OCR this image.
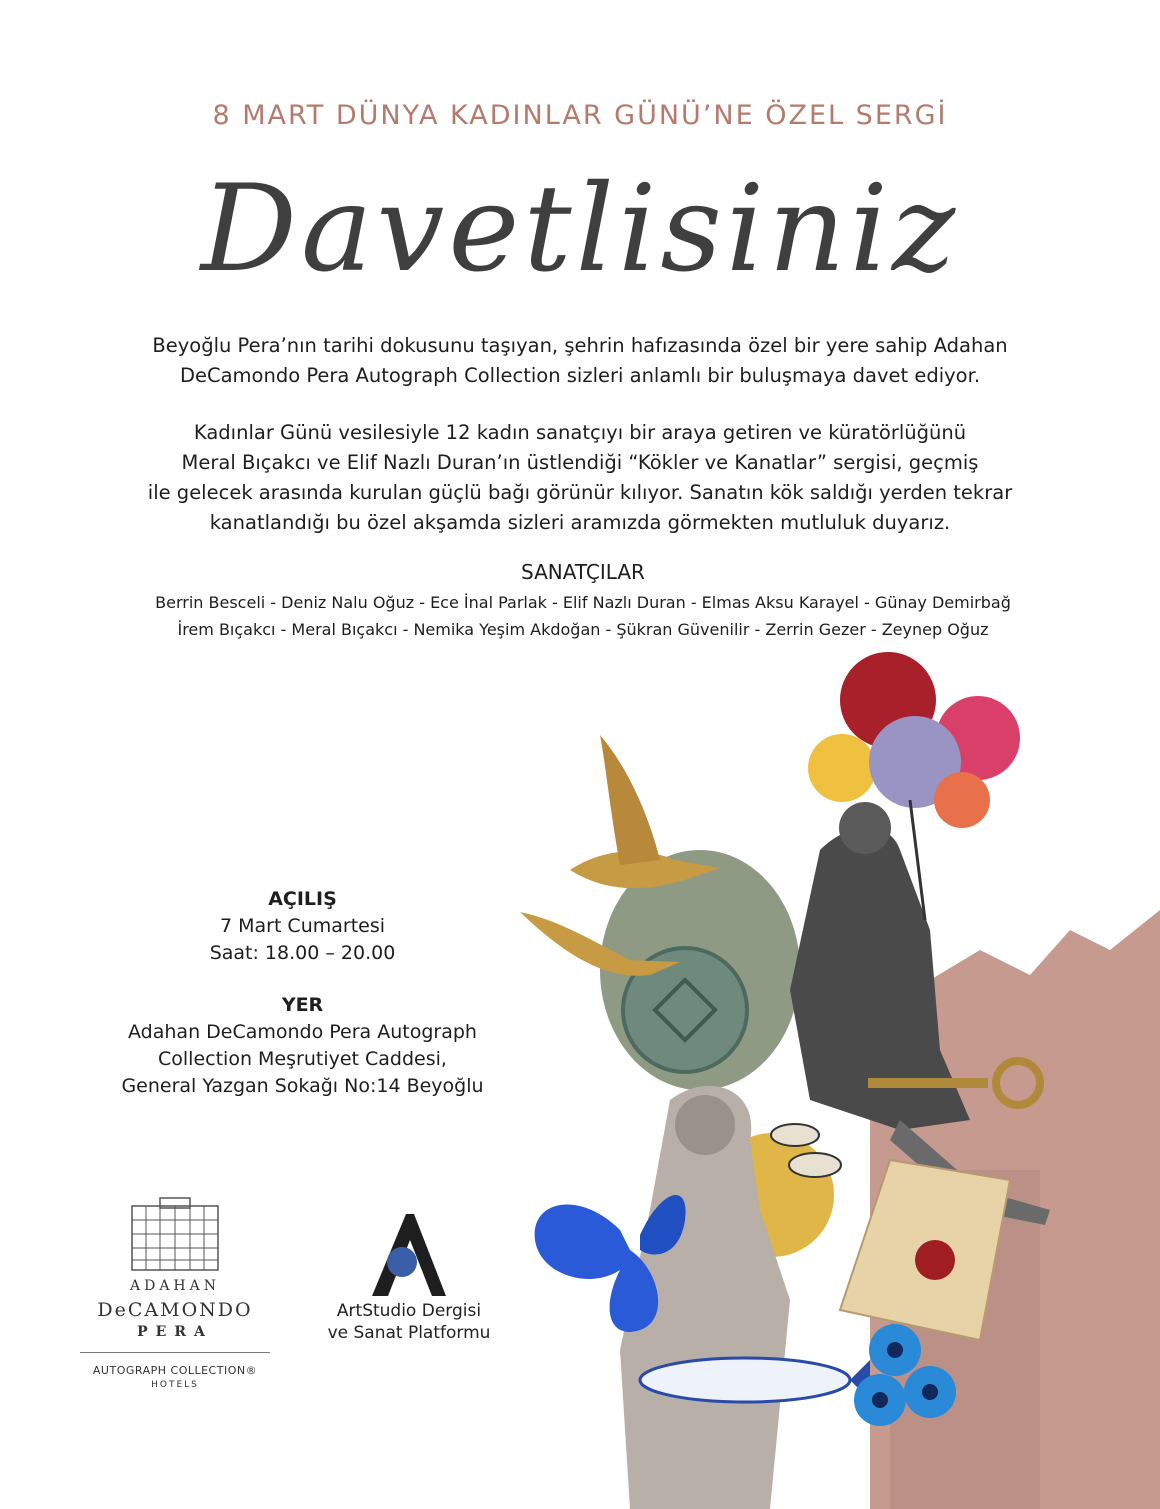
8 MART DÜNYA KADINLAR GÜNÜ’NE ÖZEL SERGİ
Davetlisiniz
Beyoğlu Pera’nın tarihi dokusunu taşıyan, şehrin hafızasında özel bir yere sahip Adahan
DeCamondo Pera Autograph Collection sizleri anlamlı bir buluşmaya davet ediyor.
Kadınlar Günü vesilesiyle 12 kadın sanatçıyı bir araya getiren ve küratörlüğünü
Meral Bıçakcı ve Elif Nazlı Duran’ın üstlendiği “Kökler ve Kanatlar” sergisi, geçmiş
ile gelecek arasında kurulan güçlü bağı görünür kılıyor. Sanatın kök saldığı yerden tekrar
kanatlandığı bu özel akşamda sizleri aramızda görmekten mutluluk duyarız.
SANATÇILAR
Berrin Besceli - Deniz Nalu Oğuz - Ece İnal Parlak - Elif Nazlı Duran - Elmas Aksu Karayel - Günay Demirbağ
İrem Bıçakcı - Meral Bıçakcı - Nemika Yeşim Akdoğan - Şükran Güvenilir - Zerrin Gezer - Zeynep Oğuz
AÇILIŞ
7 Mart Cumartesi
Saat: 18.00 – 20.00
YER
Adahan DeCamondo Pera Autograph
Collection Meşrutiyet Caddesi,
General Yazgan Sokağı No:14 Beyoğlu
ADAHAN
DeCAMONDO
PERA
AUTOGRAPH COLLECTION®
HOTELS
ArtStudio Dergisi
ve Sanat Platformu
